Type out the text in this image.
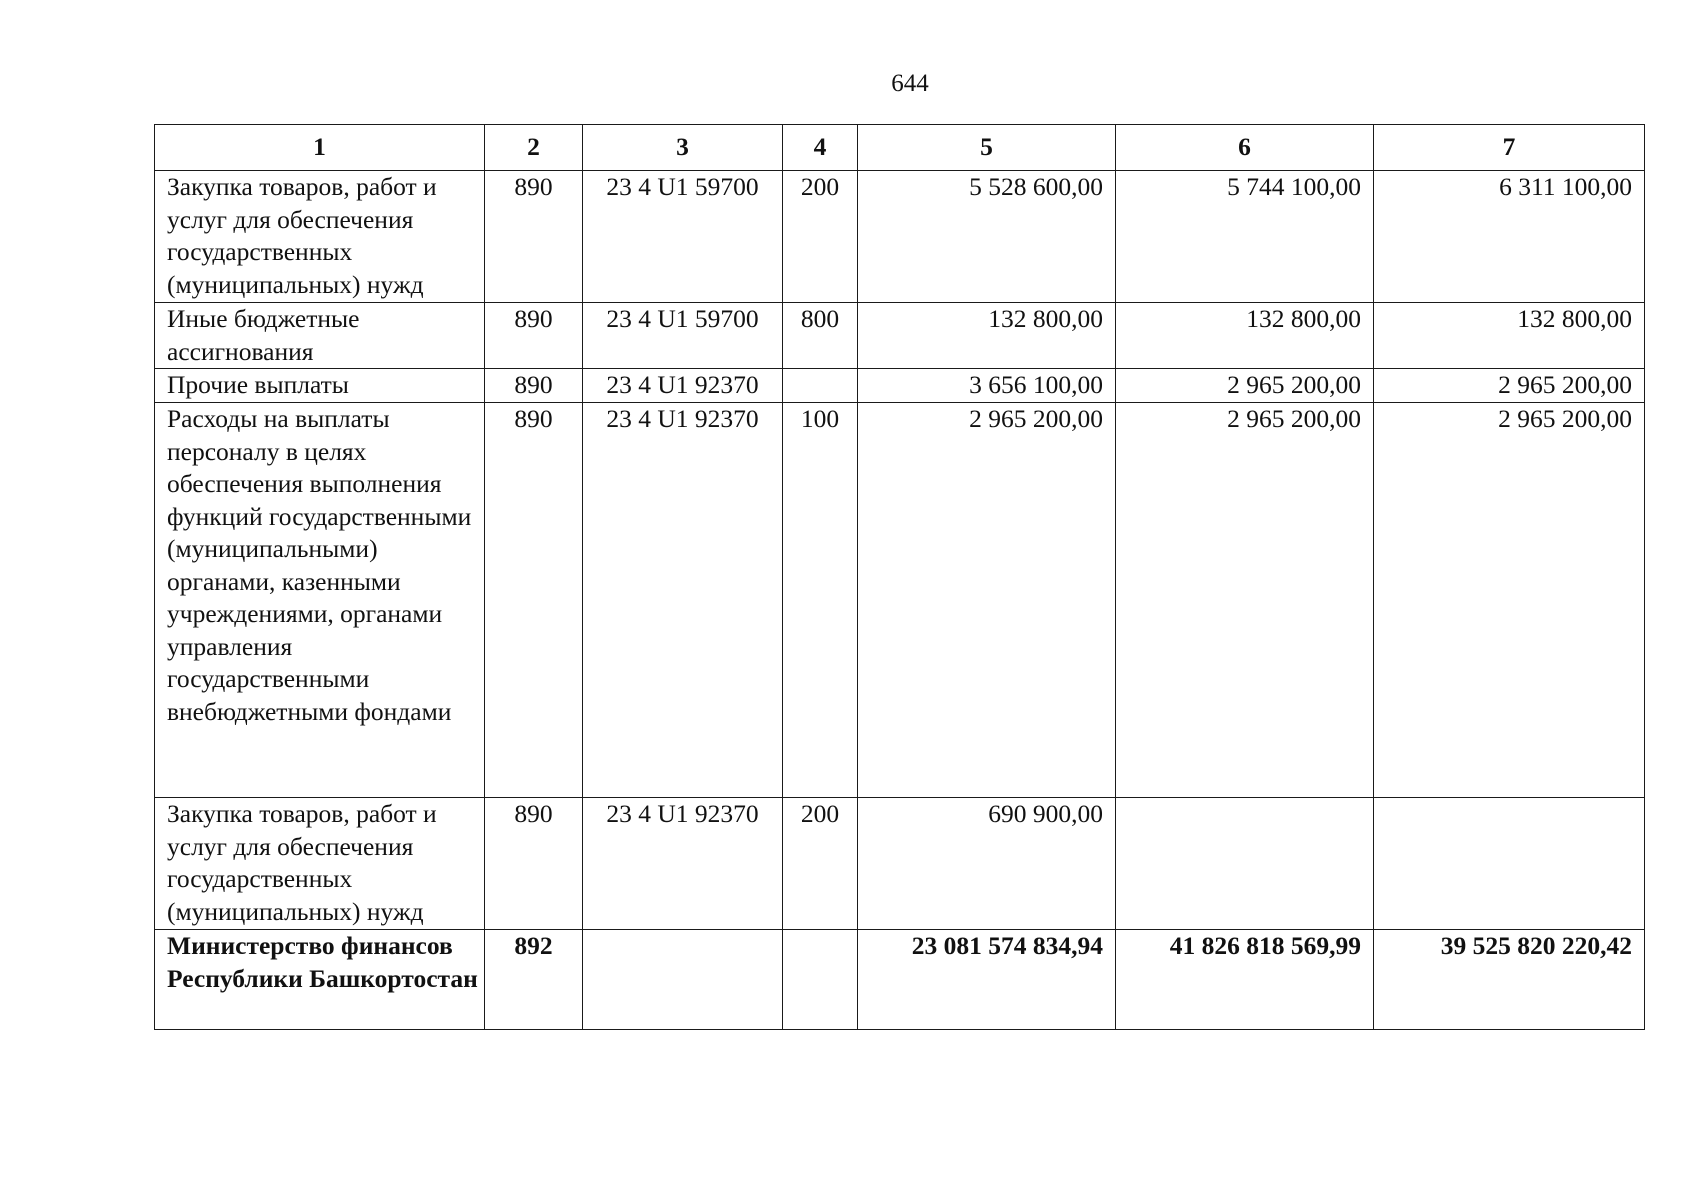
644
1	2	3	4	5	6	7
Закупка товаров, работ и услуг для обеспечения государственных (муниципальных) нужд	890	23 4 U1 59700	200	5 528 600,00	5 744 100,00	6 311 100,00
Иные бюджетные ассигнования	890	23 4 U1 59700	800	132 800,00	132 800,00	132 800,00
Прочие выплаты	890	23 4 U1 92370		3 656 100,00	2 965 200,00	2 965 200,00
Расходы на выплаты персоналу в целях обеспечения выполнения функций государственными (муниципальными) органами, казенными учреждениями, органами управления государственными внебюджетными фондами	890	23 4 U1 92370	100	2 965 200,00	2 965 200,00	2 965 200,00
Закупка товаров, работ и услуг для обеспечения государственных (муниципальных) нужд	890	23 4 U1 92370	200	690 900,00		
Министерство финансов Республики Башкортостан	892			23 081 574 834,94	41 826 818 569,99	39 525 820 220,42
